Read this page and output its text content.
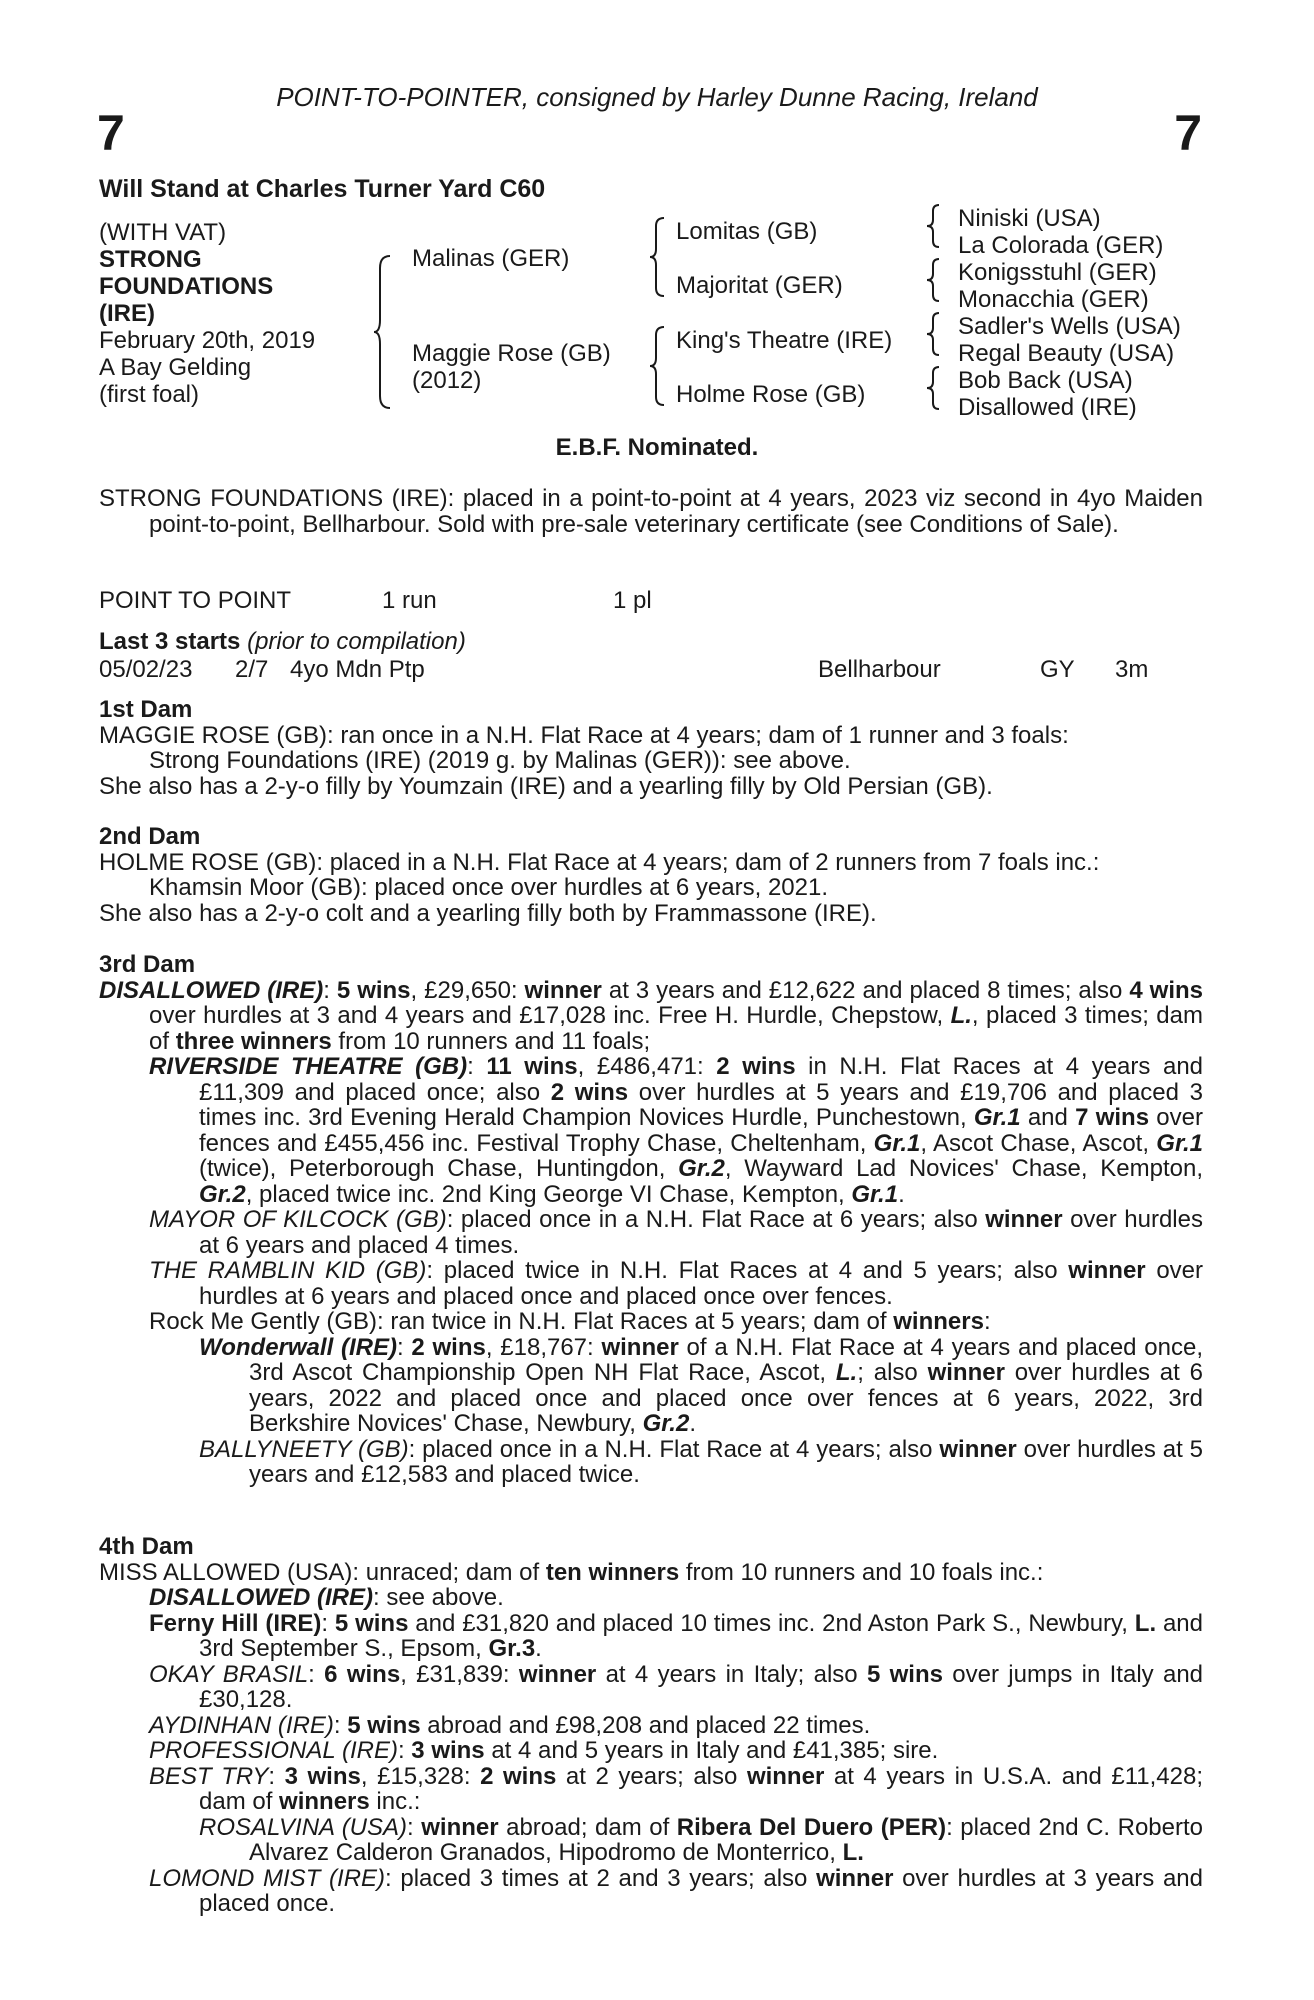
POINT-TO-POINTER, consigned by Harley Dunne Racing, Ireland
7	7
Will Stand at Charles Turner Yard C60
(WITH VAT)
STRONG
FOUNDATIONS
(IRE)
February 20th, 2019
A Bay Gelding
(first foal)
Malinas (GER)
Maggie Rose (GB)
(2012)
Lomitas (GB)
Majoritat (GER)
King's Theatre (IRE)
Holme Rose (GB)
Niniski (USA)
La Colorada (GER)
Konigsstuhl (GER)
Monacchia (GER)
Sadler's Wells (USA)
Regal Beauty (USA)
Bob Back (USA)
Disallowed (IRE)
E.B.F. Nominated.

STRONG FOUNDATIONS (IRE): placed in a point-to-point at 4 years, 2023 viz second in 4yo Maiden point-to-point, Bellharbour. Sold with pre-sale veterinary certificate (see Conditions of Sale).

POINT TO POINT	1 run	1 pl
Last 3 starts (prior to compilation)
05/02/23 2/7 4yo Mdn Ptp	Bellharbour	GY 3m
1st Dam

MAGGIE ROSE (GB): ran once in a N.H. Flat Race at 4 years; dam of 1 runner and 3 foals:

Strong Foundations (IRE) (2019 g. by Malinas (GER)): see above.

She also has a 2-y-o filly by Youmzain (IRE) and a yearling filly by Old Persian (GB).

2nd Dam

HOLME ROSE (GB): placed in a N.H. Flat Race at 4 years; dam of 2 runners from 7 foals inc.:

Khamsin Moor (GB): placed once over hurdles at 6 years, 2021.

She also has a 2-y-o colt and a yearling filly both by Frammassone (IRE).

3rd Dam

DISALLOWED (IRE): 5 wins, £29,650: winner at 3 years and £12,622 and placed 8 times; also 4 wins over hurdles at 3 and 4 years and £17,028 inc. Free H. Hurdle, Chepstow, L., placed 3 times; dam of three winners from 10 runners and 11 foals;

RIVERSIDE THEATRE (GB): 11 wins, £486,471: 2 wins in N.H. Flat Races at 4 years and £11,309 and placed once; also 2 wins over hurdles at 5 years and £19,706 and placed 3 times inc. 3rd Evening Herald Champion Novices Hurdle, Punchestown, Gr.1 and 7 wins over fences and £455,456 inc. Festival Trophy Chase, Cheltenham, Gr.1, Ascot Chase, Ascot, Gr.1 (twice), Peterborough Chase, Huntingdon, Gr.2, Wayward Lad Novices' Chase, Kempton, Gr.2, placed twice inc. 2nd King George VI Chase, Kempton, Gr.1.

MAYOR OF KILCOCK (GB): placed once in a N.H. Flat Race at 6 years; also winner over hurdles at 6 years and placed 4 times.

THE RAMBLIN KID (GB): placed twice in N.H. Flat Races at 4 and 5 years; also winner over hurdles at 6 years and placed once and placed once over fences.

Rock Me Gently (GB): ran twice in N.H. Flat Races at 5 years; dam of winners:

Wonderwall (IRE): 2 wins, £18,767: winner of a N.H. Flat Race at 4 years and placed once, 3rd Ascot Championship Open NH Flat Race, Ascot, L.; also winner over hurdles at 6 years, 2022 and placed once and placed once over fences at 6 years, 2022, 3rd Berkshire Novices' Chase, Newbury, Gr.2.

BALLYNEETY (GB): placed once in a N.H. Flat Race at 4 years; also winner over hurdles at 5 years and £12,583 and placed twice.

4th Dam

MISS ALLOWED (USA): unraced; dam of ten winners from 10 runners and 10 foals inc.:

DISALLOWED (IRE): see above.

Ferny Hill (IRE): 5 wins and £31,820 and placed 10 times inc. 2nd Aston Park S., Newbury, L. and 3rd September S., Epsom, Gr.3.

OKAY BRASIL: 6 wins, £31,839: winner at 4 years in Italy; also 5 wins over jumps in Italy and £30,128.

AYDINHAN (IRE): 5 wins abroad and £98,208 and placed 22 times.

PROFESSIONAL (IRE): 3 wins at 4 and 5 years in Italy and £41,385; sire.

BEST TRY: 3 wins, £15,328: 2 wins at 2 years; also winner at 4 years in U.S.A. and £11,428; dam of winners inc.:

ROSALVINA (USA): winner abroad; dam of Ribera Del Duero (PER): placed 2nd C. Roberto Alvarez Calderon Granados, Hipodromo de Monterrico, L.

LOMOND MIST (IRE): placed 3 times at 2 and 3 years; also winner over hurdles at 3 years and placed once.
